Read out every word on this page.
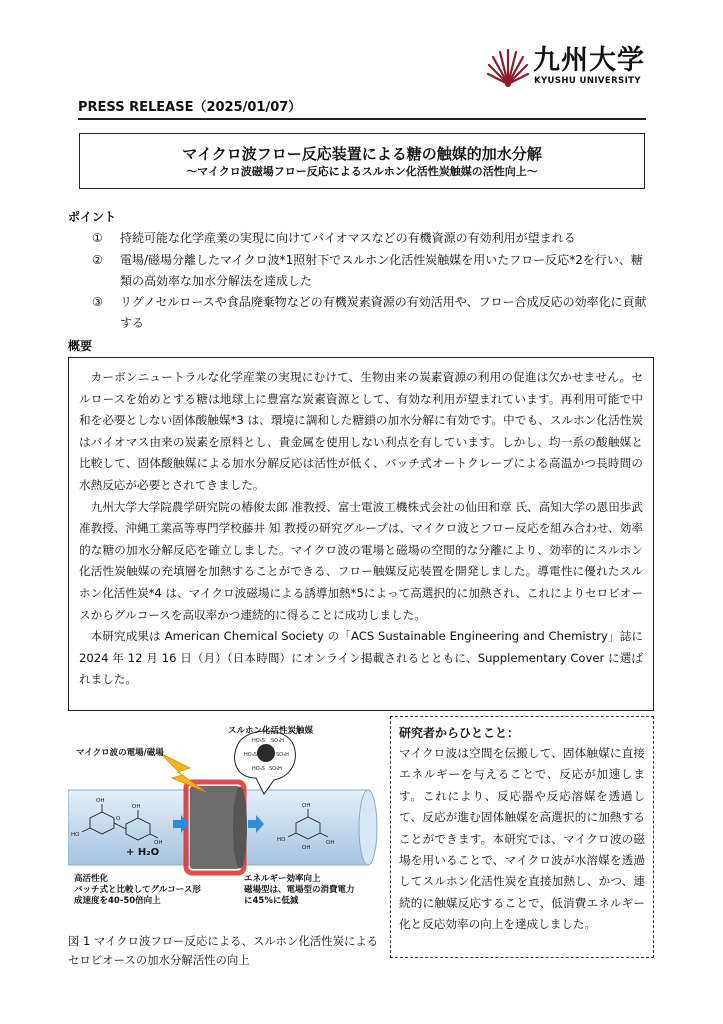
九州大学
KYUSHU UNIVERSITY
PRESS RELEASE（2025/01/07）
マイクロ波フロー反応装置による糖の触媒的加水分解
〜マイクロ波磁場フロー反応によるスルホン化活性炭触媒の活性向上〜
ポイント
①	持続可能な化学産業の実現に向けてバイオマスなどの有機資源の有効利用が望まれる
②	電場/磁場分離したマイクロ波*1照射下でスルホン化活性炭触媒を用いたフロー反応*2を行い、糖類の高効率な加水分解法を達成した
③	リグノセルロースや食品廃棄物などの有機炭素資源の有効活用や、フロー合成反応の効率化に貢献する
概要

カーボンニュートラルな化学産業の実現にむけて、生物由来の炭素資源の利用の促進は欠かせません。セルロースを始めとする糖は地球上に豊富な炭素資源として、有効な利用が望まれています。再利用可能で中和を必要としない固体酸触媒*3 は、環境に調和した糖鎖の加水分解に有効です。中でも、スルホン化活性炭はバイオマス由来の炭素を原料とし、貴金属を使用しない利点を有しています。しかし、均一系の酸触媒と比較して、固体酸触媒による加水分解反応は活性が低く、バッチ式オートクレーブによる高温かつ長時間の水熱反応が必要とされてきました。

九州大学大学院農学研究院の椿俊太郎 准教授、富士電波工機株式会社の仙田和章 氏、高知大学の恩田歩武 准教授、沖縄工業高等専門学校藤井 知 教授の研究グループは、マイクロ波とフロー反応を組み合わせ、効率的な糖の加水分解反応を確立しました。マイクロ波の電場と磁場の空間的な分離により、効率的にスルホン化活性炭触媒の充填層を加熱することができる、フロー触媒反応装置を開発しました。導電性に優れたスルホン化活性炭*4 は、マイクロ波磁場による誘導加熱*5によって高選択的に加熱され、これによりセロビオースからグルコースを高収率かつ連続的に得ることに成功しました。

本研究成果は American Chemical Society の「ACS Sustainable Engineering and Chemistry」誌に 2024 年 12 月 16 日（月）（日本時間）にオンライン掲載されるとともに、Supplementary Cover に選ばれました。

HO₃S SO₃H
HO₃S	SO₃H
HO₃S SO₃H
OH
HO
OH
OH
O
OH
HO	OH
OH
マイクロ波の電場/磁場
スルホン化活性炭触媒
+ H₂O
高活性化
バッチ式と比較してグルコース形
成速度を40-50倍向上
エネルギー効率向上
磁場型は、電場型の消費電力
に45%に低減
図 1 マイクロ波フロー反応による、スルホン化活性炭によるセロビオースの加水分解活性の向上
研究者からひとこと：
マイクロ波は空間を伝搬して、固体触媒に直接エネルギーを与えることで、反応が加速します。これにより、反応器や反応溶媒を透過して、反応が進む固体触媒を高選択的に加熱することができます。本研究では、マイクロ波の磁場を用いることで、マイクロ波が水溶媒を透過してスルホン化活性炭を直接加熱し、かつ、連続的に触媒反応することで、低消費エネルギー化と反応効率の向上を達成しました。
